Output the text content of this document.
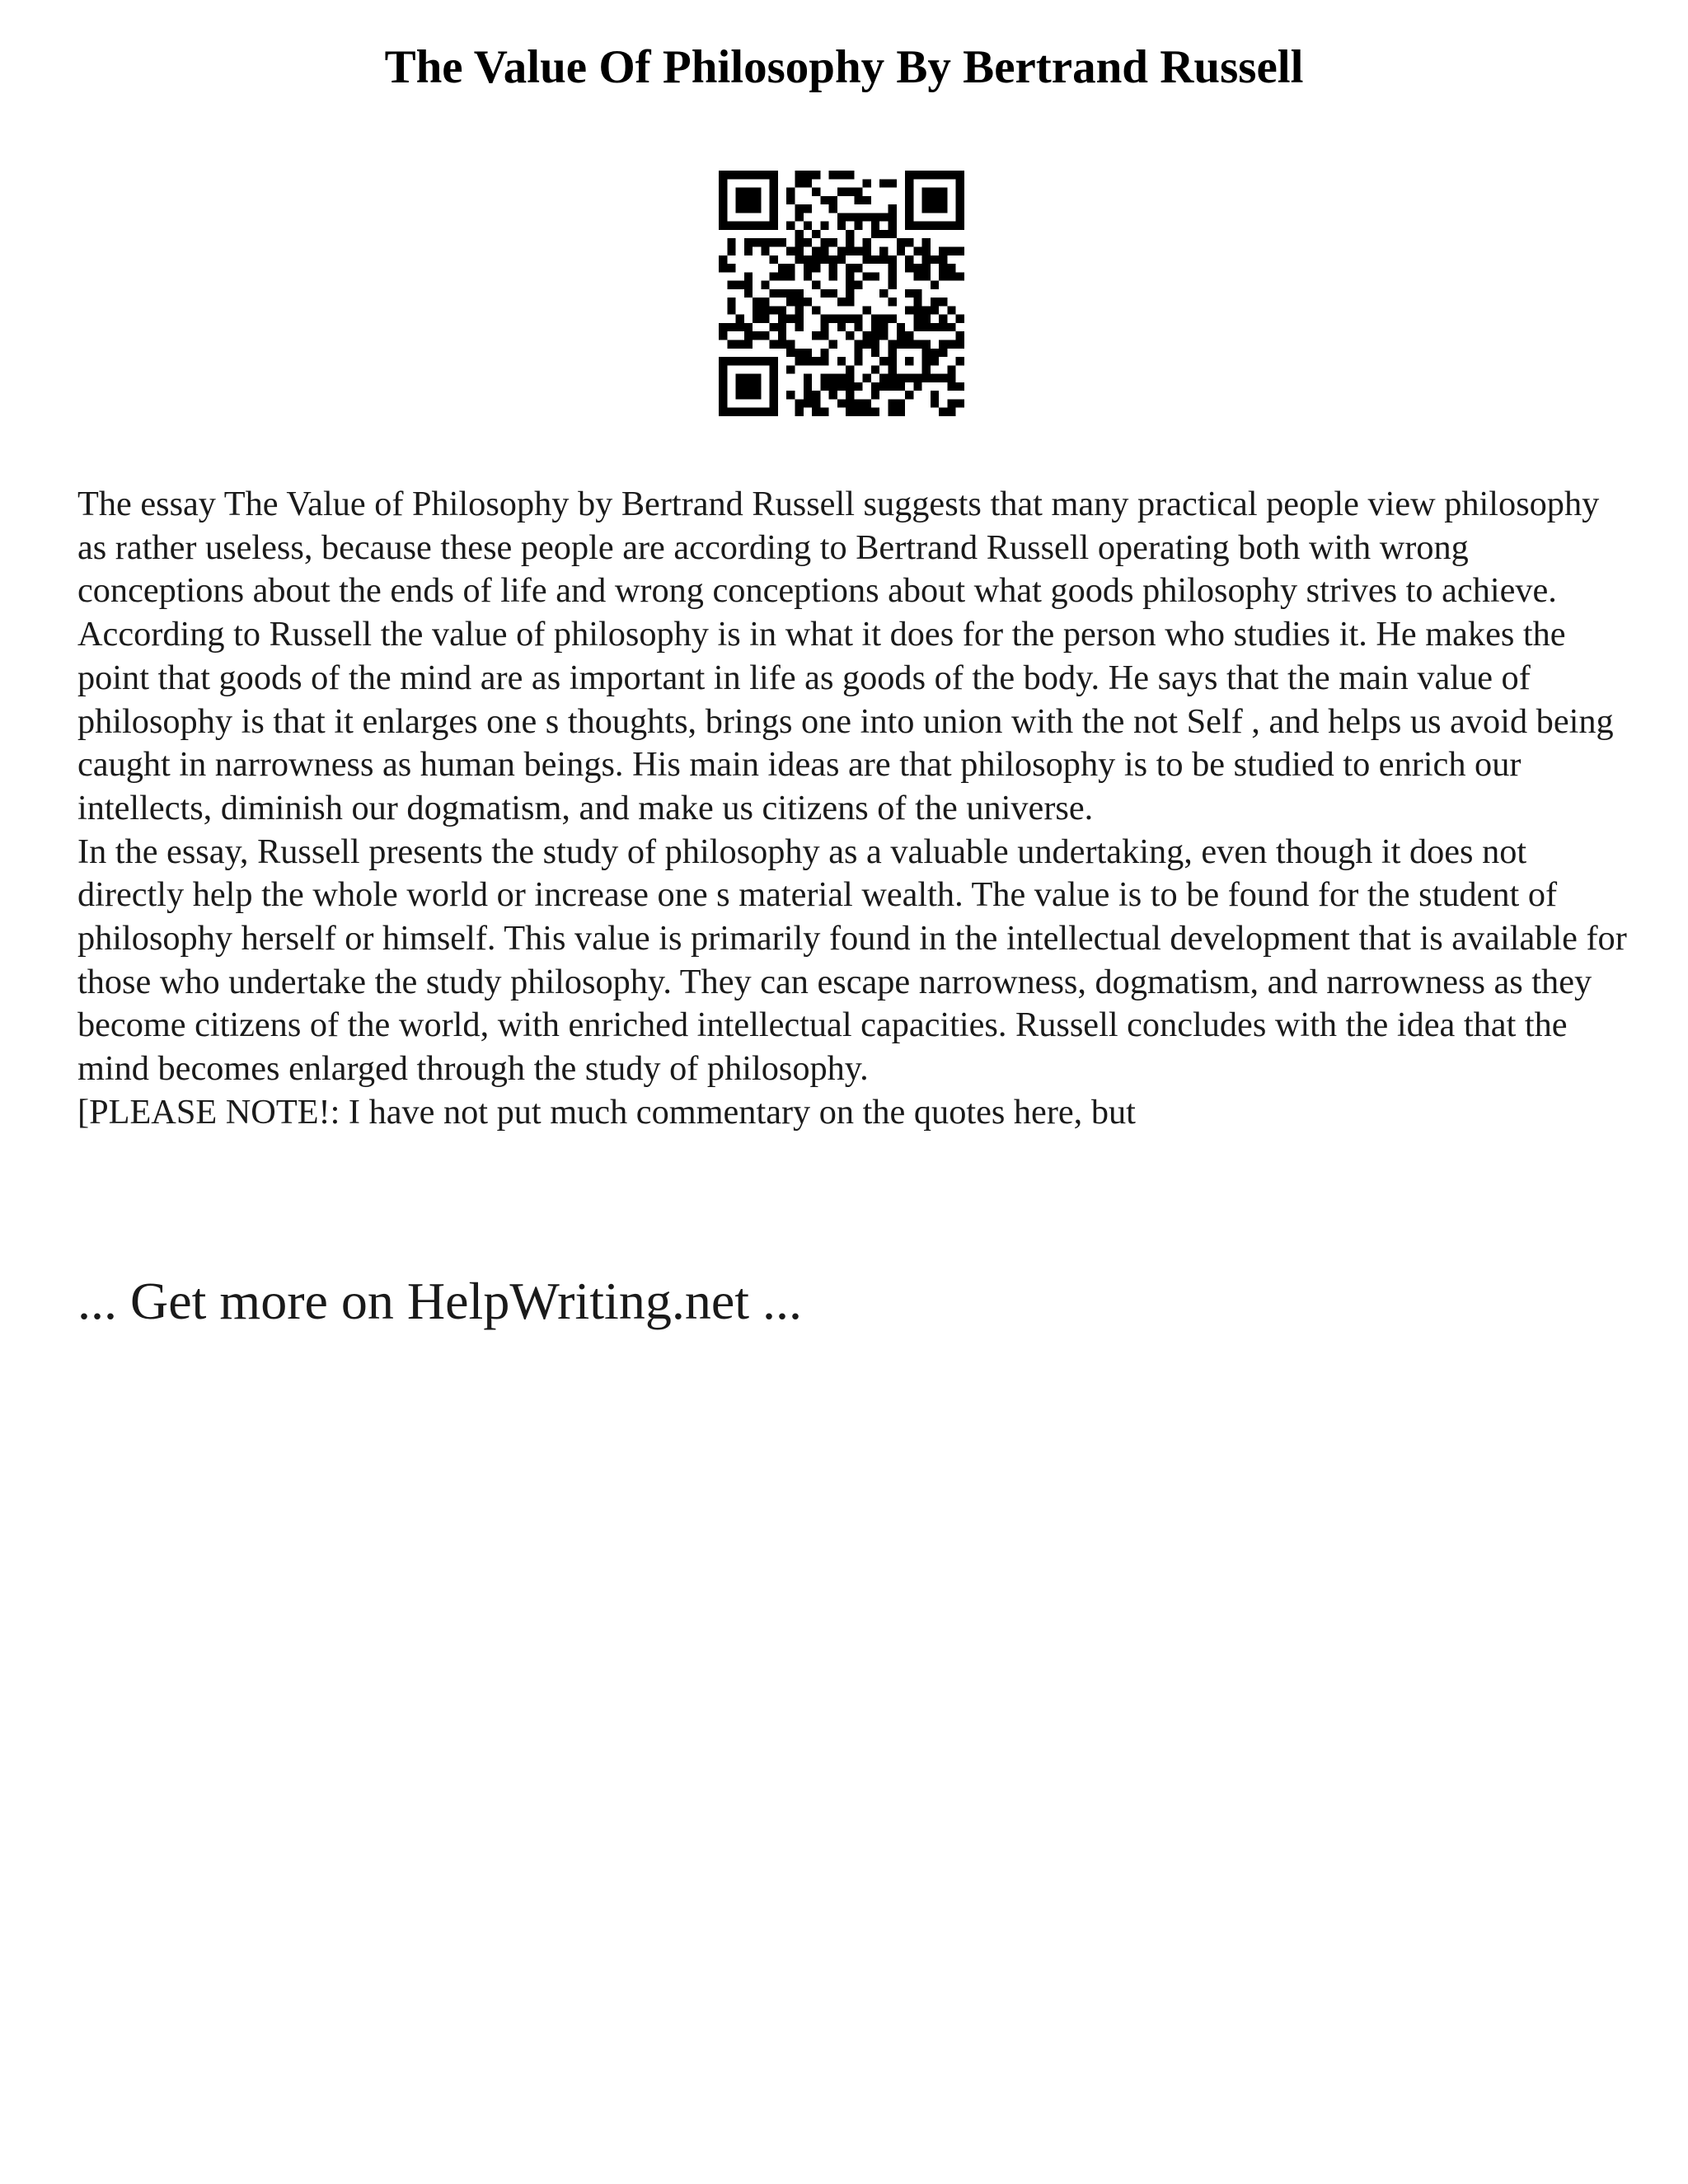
The Value Of Philosophy By Bertrand Russell

The essay The Value of Philosophy by Bertrand Russell suggests that many practical people view philosophy as rather useless, because these people are according to Bertrand Russell operating both with wrong conceptions about the ends of life and wrong conceptions about what goods philosophy strives to achieve. According to Russell the value of philosophy is in what it does for the person who studies it. He makes the point that goods of the mind are as important in life as goods of the body. He says that the main value of philosophy is that it enlarges one s thoughts, brings one into union with the not Self , and helps us avoid being caught in narrowness as human beings. His main ideas are that philosophy is to be studied to enrich our intellects, diminish our dogmatism, and make us citizens of the universe.

In the essay, Russell presents the study of philosophy as a valuable undertaking, even though it does not directly help the whole world or increase one s material wealth. The value is to be found for the student of philosophy herself or himself. This value is primarily found in the intellectual development that is available for those who undertake the study philosophy. They can escape narrowness, dogmatism, and narrowness as they become citizens of the world, with enriched intellectual capacities. Russell concludes with the idea that the mind becomes enlarged through the study of philosophy.

[PLEASE NOTE!: I have not put much commentary on the quotes here, but

... Get more on HelpWriting.net ...
